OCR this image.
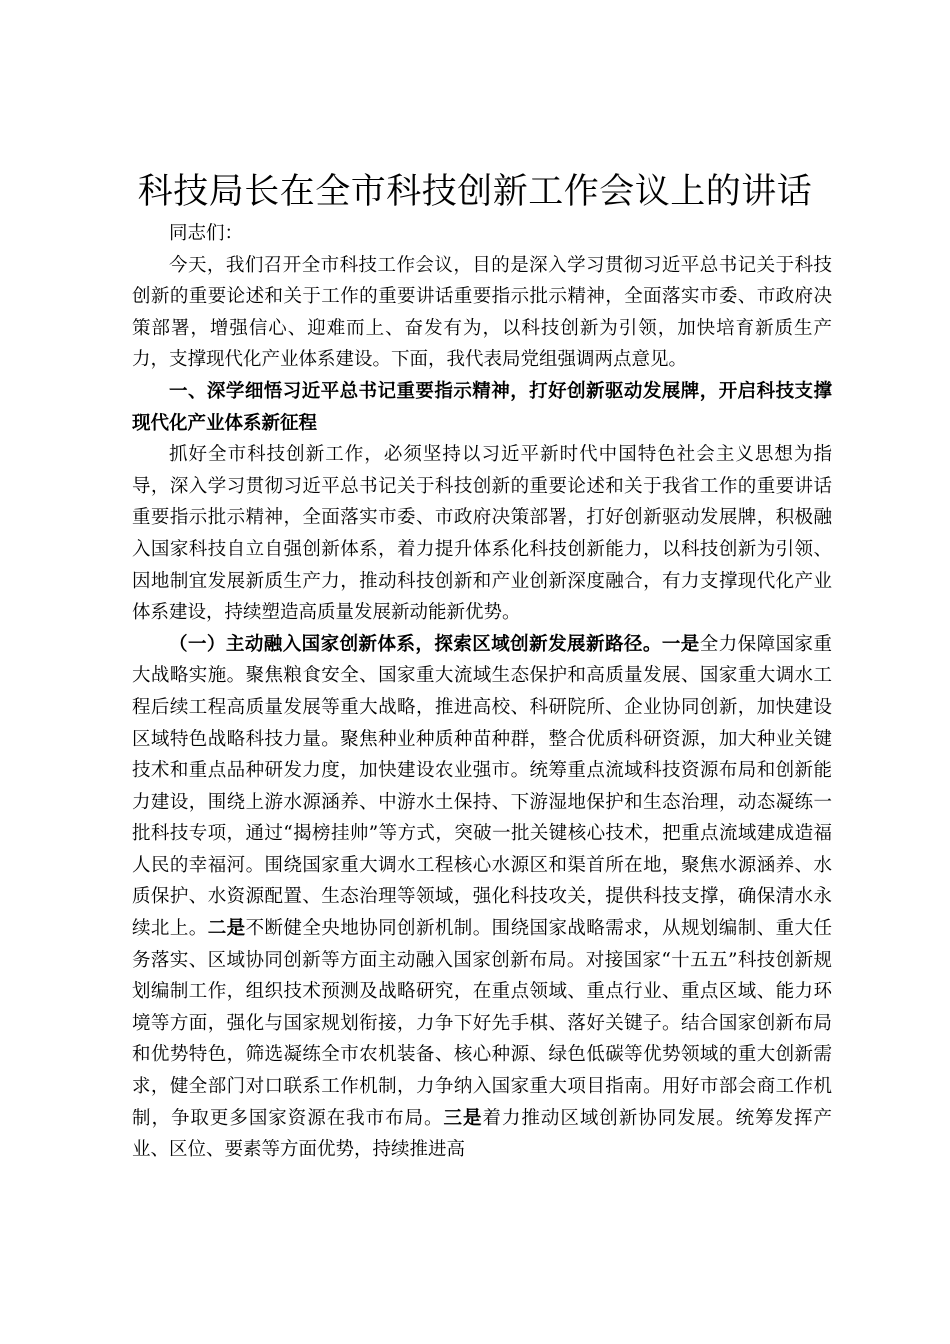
科技局长在全市科技创新工作会议上的讲话

同志们：

今天，我们召开全市科技工作会议，目的是深入学习贯彻习近平总书记关于科技创新的重要论述和关于工作的重要讲话重要指示批示精神，全面落实市委、市政府决策部署，增强信心、迎难而上、奋发有为，以科技创新为引领，加快培育新质生产力，支撑现代化产业体系建设。下面，我代表局党组强调两点意见。

一、深学细悟习近平总书记重要指示精神，打好创新驱动发展牌，开启科技支撑现代化产业体系新征程

抓好全市科技创新工作，必须坚持以习近平新时代中国特色社会主义思想为指导，深入学习贯彻习近平总书记关于科技创新的重要论述和关于我省工作的重要讲话重要指示批示精神，全面落实市委、市政府决策部署，打好创新驱动发展牌，积极融入国家科技自立自强创新体系，着力提升体系化科技创新能力，以科技创新为引领、因地制宜发展新质生产力，推动科技创新和产业创新深度融合，有力支撑现代化产业体系建设，持续塑造高质量发展新动能新优势。

（一）主动融入国家创新体系，探索区域创新发展新路径。一是全力保障国家重大战略实施。聚焦粮食安全、国家重大流域生态保护和高质量发展、国家重大调水工程后续工程高质量发展等重大战略，推进高校、科研院所、企业协同创新，加快建设区域特色战略科技力量。聚焦种业种质种苗种群，整合优质科研资源，加大种业关键技术和重点品种研发力度，加快建设农业强市。统筹重点流域科技资源布局和创新能力建设，围绕上游水源涵养、中游水土保持、下游湿地保护和生态治理，动态凝练一批科技专项，通过“揭榜挂帅”等方式，突破一批关键核心技术，把重点流域建成造福人民的幸福河。围绕国家重大调水工程核心水源区和渠首所在地，聚焦水源涵养、水质保护、水资源配置、生态治理等领域，强化科技攻关，提供科技支撑，确保清水永续北上。二是不断健全央地协同创新机制。围绕国家战略需求，从规划编制、重大任务落实、区域协同创新等方面主动融入国家创新布局。对接国家“十五五”科技创新规划编制工作，组织技术预测及战略研究，在重点领域、重点行业、重点区域、能力环境等方面，强化与国家规划衔接，力争下好先手棋、落好关键子。结合国家创新布局和优势特色，筛选凝练全市农机装备、核心种源、绿色低碳等优势领域的重大创新需求，健全部门对口联系工作机制，力争纳入国家重大项目指南。用好市部会商工作机制，争取更多国家资源在我市布局。三是着力推动区域创新协同发展。统筹发挥产业、区位、要素等方面优势，持续推进高
